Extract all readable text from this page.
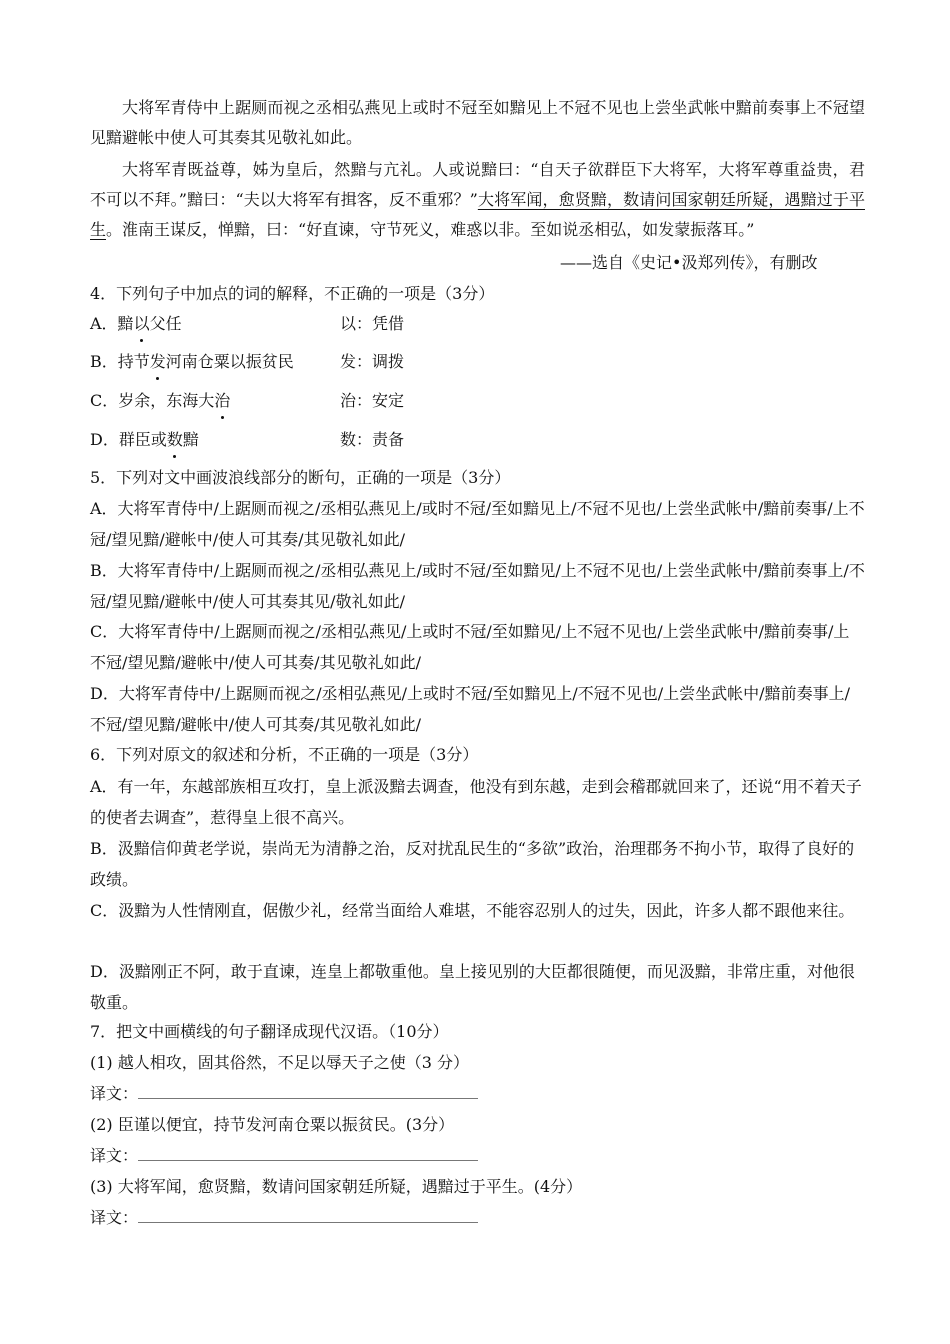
大将军青侍中上踞厕而视之丞相弘燕见上或时不冠至如黯见上不冠不见也上尝坐武帐中黯前奏事上不冠望见黯避帐中使人可其奏其见敬礼如此。

大将军青既益尊，姊为皇后，然黯与亢礼。人或说黯曰：“自天子欲群臣下大将军，大将军尊重益贵，君不可以不拜。”黯曰：“夫以大将军有揖客，反不重邪？”大将军闻，愈贤黯，数请问国家朝廷所疑，遇黯过于平生。淮南王谋反，惮黯，曰：“好直谏，守节死义，难惑以非。至如说丞相弘，如发蒙振落耳。”

——选自《史记•汲郑列传》，有删改
4．下列句子中加点的词的解释，不正确的一项是（3分）
A．黯以父任	以：凭借
B．持节发河南仓粟以振贫民	发：调拨
C．岁余，东海大治	治：安定
D．群臣或数黯	数：责备
5．下列对文中画波浪线部分的断句，正确的一项是（3分）
A．大将军青侍中/上踞厕而视之/丞相弘燕见上/或时不冠/至如黯见上/不冠不见也/上尝坐武帐中/黯前奏事/上不冠/望见黯/避帐中/使人可其奏/其见敬礼如此/
B．大将军青侍中/上踞厕而视之/丞相弘燕见上/或时不冠/至如黯见/上不冠不见也/上尝坐武帐中/黯前奏事上/不冠/望见黯/避帐中/使人可其奏其见/敬礼如此/
C．大将军青侍中/上踞厕而视之/丞相弘燕见/上或时不冠/至如黯见/上不冠不见也/上尝坐武帐中/黯前奏事/上不冠/望见黯/避帐中/使人可其奏/其见敬礼如此/
D．大将军青侍中/上踞厕而视之/丞相弘燕见/上或时不冠/至如黯见上/不冠不见也/上尝坐武帐中/黯前奏事上/不冠/望见黯/避帐中/使人可其奏/其见敬礼如此/
6．下列对原文的叙述和分析，不正确的一项是（3分）
A．有一年，东越部族相互攻打，皇上派汲黯去调查，他没有到东越，走到会稽郡就回来了，还说“用不着天子的使者去调查”，惹得皇上很不高兴。
B．汲黯信仰黄老学说，崇尚无为清静之治，反对扰乱民生的“多欲”政治，治理郡务不拘小节，取得了良好的政绩。
C．汲黯为人性情刚直，倨傲少礼，经常当面给人难堪，不能容忍别人的过失，因此，许多人都不跟他来往。
D．汲黯刚正不阿，敢于直谏，连皇上都敬重他。皇上接见别的大臣都很随便，而见汲黯，非常庄重，对他很敬重。
7．把文中画横线的句子翻译成现代汉语。（10分）
(1) 越人相攻，固其俗然，不足以辱天子之使（3 分）
译文：
(2) 臣谨以便宜，持节发河南仓粟以振贫民。(3分）
译文：
(3) 大将军闻，愈贤黯，数请问国家朝廷所疑，遇黯过于平生。(4分）
译文：
